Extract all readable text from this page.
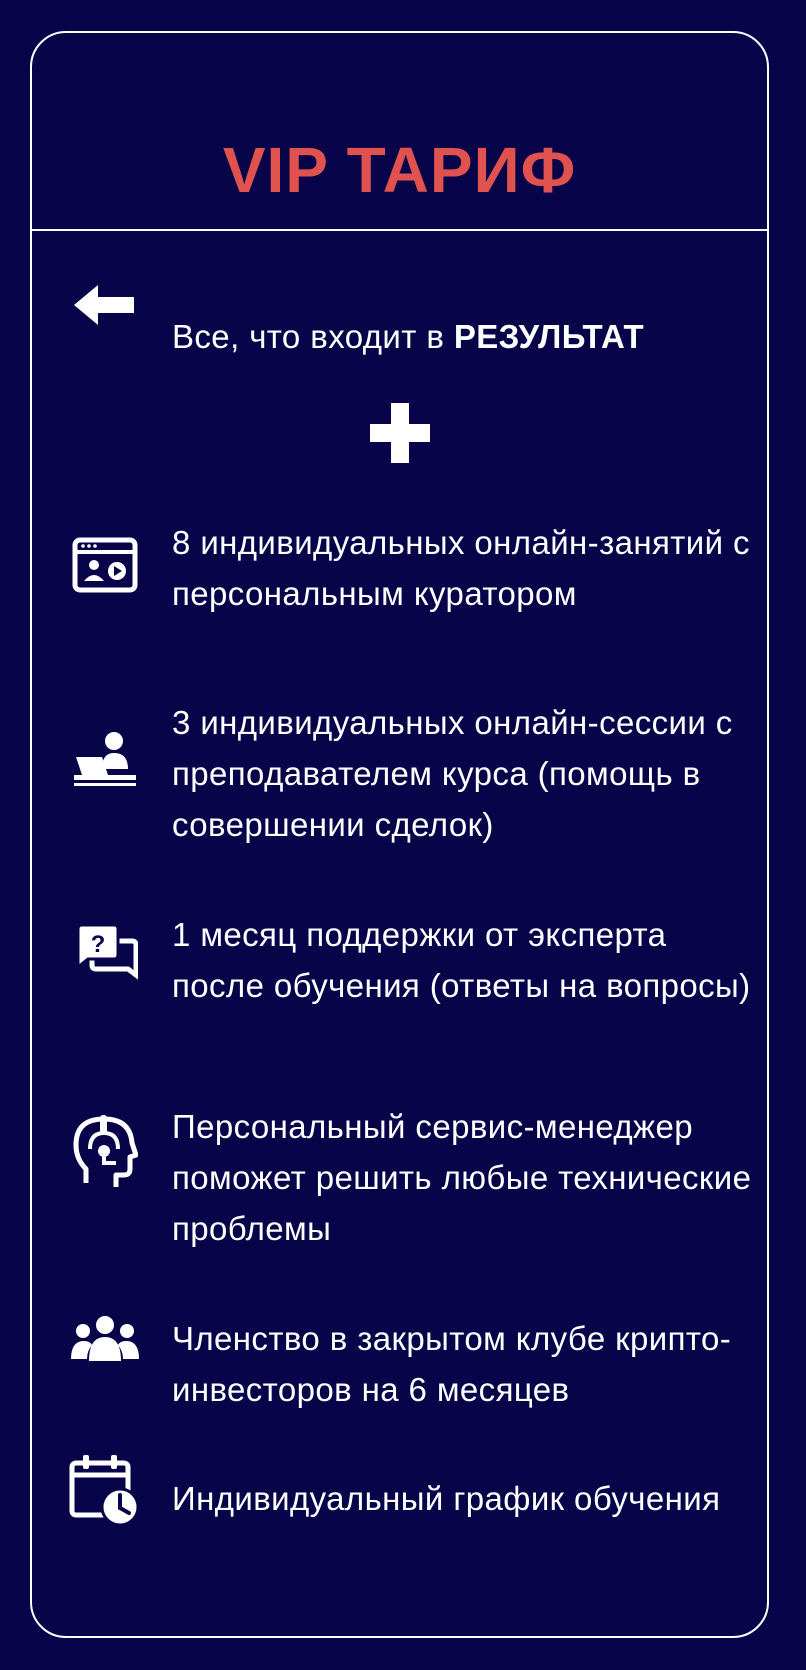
VIP ТАРИФ
Все, что входит в РЕЗУЛЬТАТ
8 индивидуальных онлайн-занятий с персональным куратором
3 индивидуальных онлайн-сессии с преподавателем курса (помощь в совершении сделок)
? 1 месяц поддержки от эксперта после обучения (ответы на вопросы)
Персональный сервис-менеджер поможет решить любые технические проблемы
Членство в закрытом клубе крипто-инвесторов на 6 месяцев
Индивидуальный график обучения
